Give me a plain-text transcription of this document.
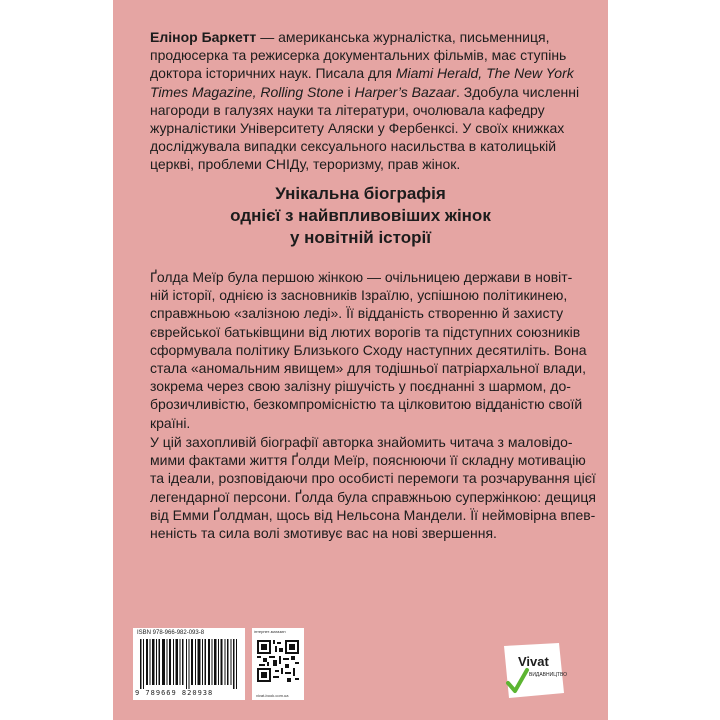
Елінор Баркетт — американська журналістка, письменниця,
продюсерка та режисерка документальних фільмів, має ступінь
доктора історичних наук. Писала для Miami Herald, The New York
Times Magazine, Rolling Stone і Harper’s Bazaar. Здобула численні
нагороди в галузях науки та літератури, очолювала кафедру
журналістики Університету Аляски у Фербенксі. У своїх книжках
досліджувала випадки сексуального насильства в католицькій
церкві, проблеми СНІДу, тероризму, прав жінок.
Унікальна біографія
однієї з найвпливовіших жінок
у новітній історії
Ґолда Меїр була першою жінкою — очільницею держави в новіт-
ній історії, однією із засновників Ізраїлю, успішною політикинею,
справжньою «залізною леді». Її відданість створенню й захисту
єврейської батьківщини від лютих ворогів та підступних союзників
сформувала політику Близького Сходу наступних десятиліть. Вона
стала «аномальним явищем» для тодішньої патріархальної влади,
зокрема через свою залізну рішучість у поєднанні з шармом, до-
брозичливістю, безкомпромісністю та цілковитою відданістю своїй
країні.
У цій захопливій біографії авторка знайомить читача з маловідо-
мими фактами життя Ґолди Меїр, пояснюючи її складну мотивацію
та ідеали, розповідаючи про особисті перемоги та розчарування цієї
легендарної персони. Ґолда була справжньою супержінкою: дещиця
від Емми Ґолдман, щось від Нельсона Мандели. Її неймовірна впев-
неність та сила волі змотивує вас на нові звершення.
ISBN 978-966-982-093-8
9 789669 820938
інтернет-магазин
vivat-book.com.ua
Vivat
ВИДАВНИЦТВО
